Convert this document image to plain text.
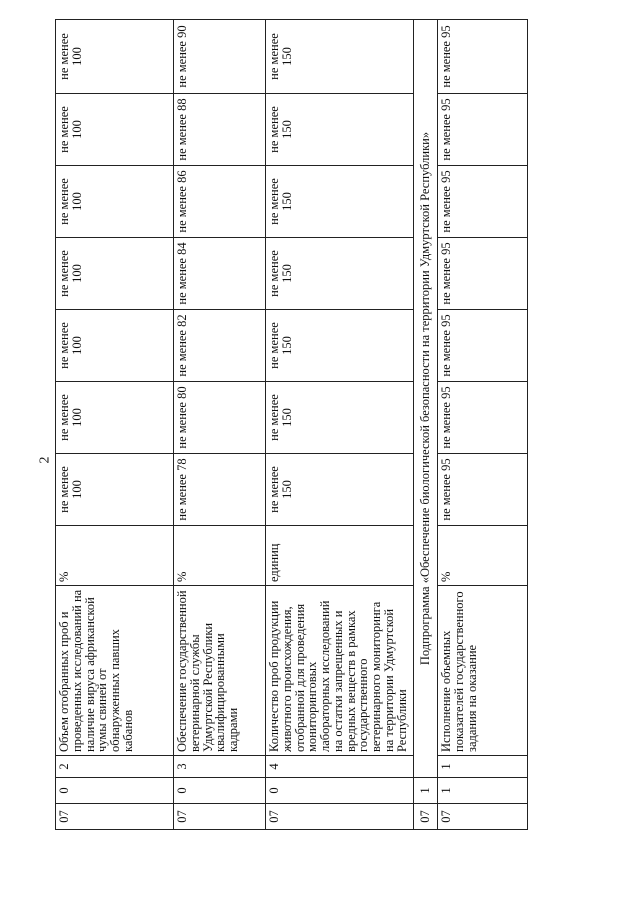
2
07	0	2	Объем отобранных проб и проведенных исследований на наличие вируса африканской чумы свиней от обнаруженных павших кабанов	%	не менее 100	не менее 100	не менее 100	не менее 100	не менее 100	не менее 100	не менее 100
07	0	3	Обеспечение государственной ветеринарной службы Удмуртской Республики квалифицированными кадрами	%	не менее 78	не менее 80	не менее 82	не менее 84	не менее 86	не менее 88	не менее 90
07	0	4	Количество проб продукции животного происхождения, отобранной для проведения мониторинговых лабораторных исследований на остатки запрещенных и вредных веществ в рамках государственного ветеринарного мониторинга на территории Удмуртской Республики	единиц	не менее 150	не менее 150	не менее 150	не менее 150	не менее 150	не менее 150	не менее 150
07	1	Подпрограмма «Обеспечение биологической безопасности на территории Удмуртской Республики»									
07	1	1	Исполнение объемных показателей государственного задания на оказание	%	не менее 95	не менее 95	не менее 95	не менее 95	не менее 95	не менее 95	не менее 95
